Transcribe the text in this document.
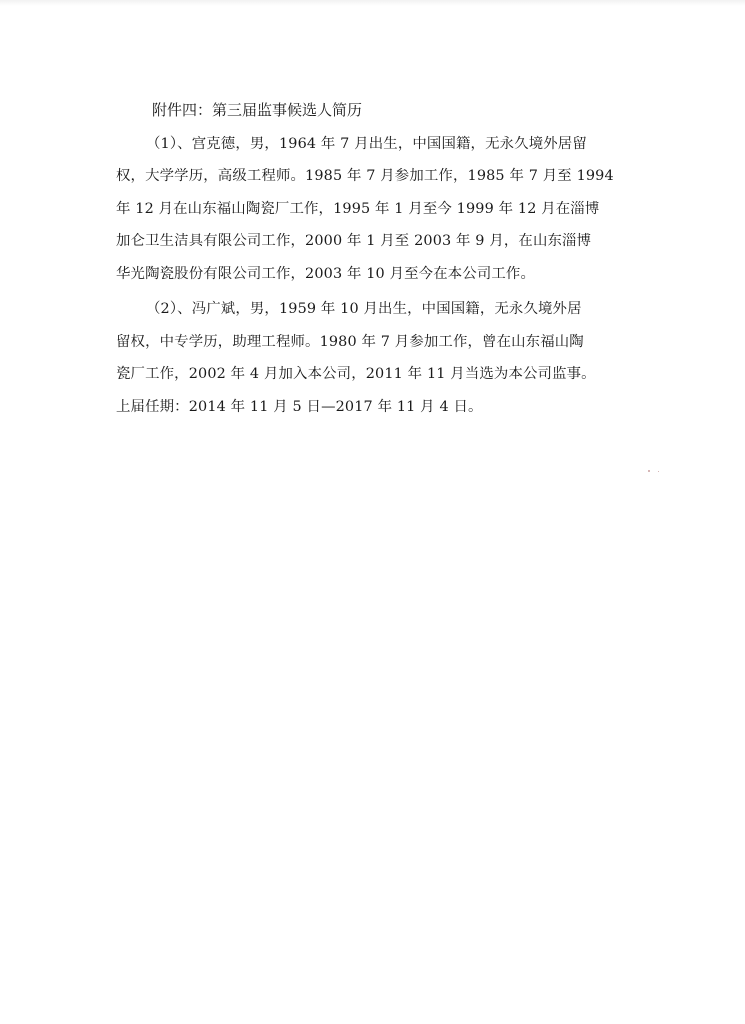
附件四：第三届监事候选人简历
（1）、宫克德，男，1964 年 7 月出生，中国国籍，无永久境外居留
权，大学学历，高级工程师。1985 年 7 月参加工作，1985 年 7 月至 1994
年 12 月在山东福山陶瓷厂工作，1995 年 1 月至今 1999 年 12 月在淄博
加仑卫生洁具有限公司工作，2000 年 1 月至 2003 年 9 月，在山东淄博
华光陶瓷股份有限公司工作，2003 年 10 月至今在本公司工作。
（2）、冯广斌，男，1959 年 10 月出生，中国国籍，无永久境外居
留权，中专学历，助理工程师。1980 年 7 月参加工作，曾在山东福山陶
瓷厂工作，2002 年 4 月加入本公司，2011 年 11 月当选为本公司监事。
上届任期：2014 年 11 月 5 日—2017 年 11 月 4 日。
